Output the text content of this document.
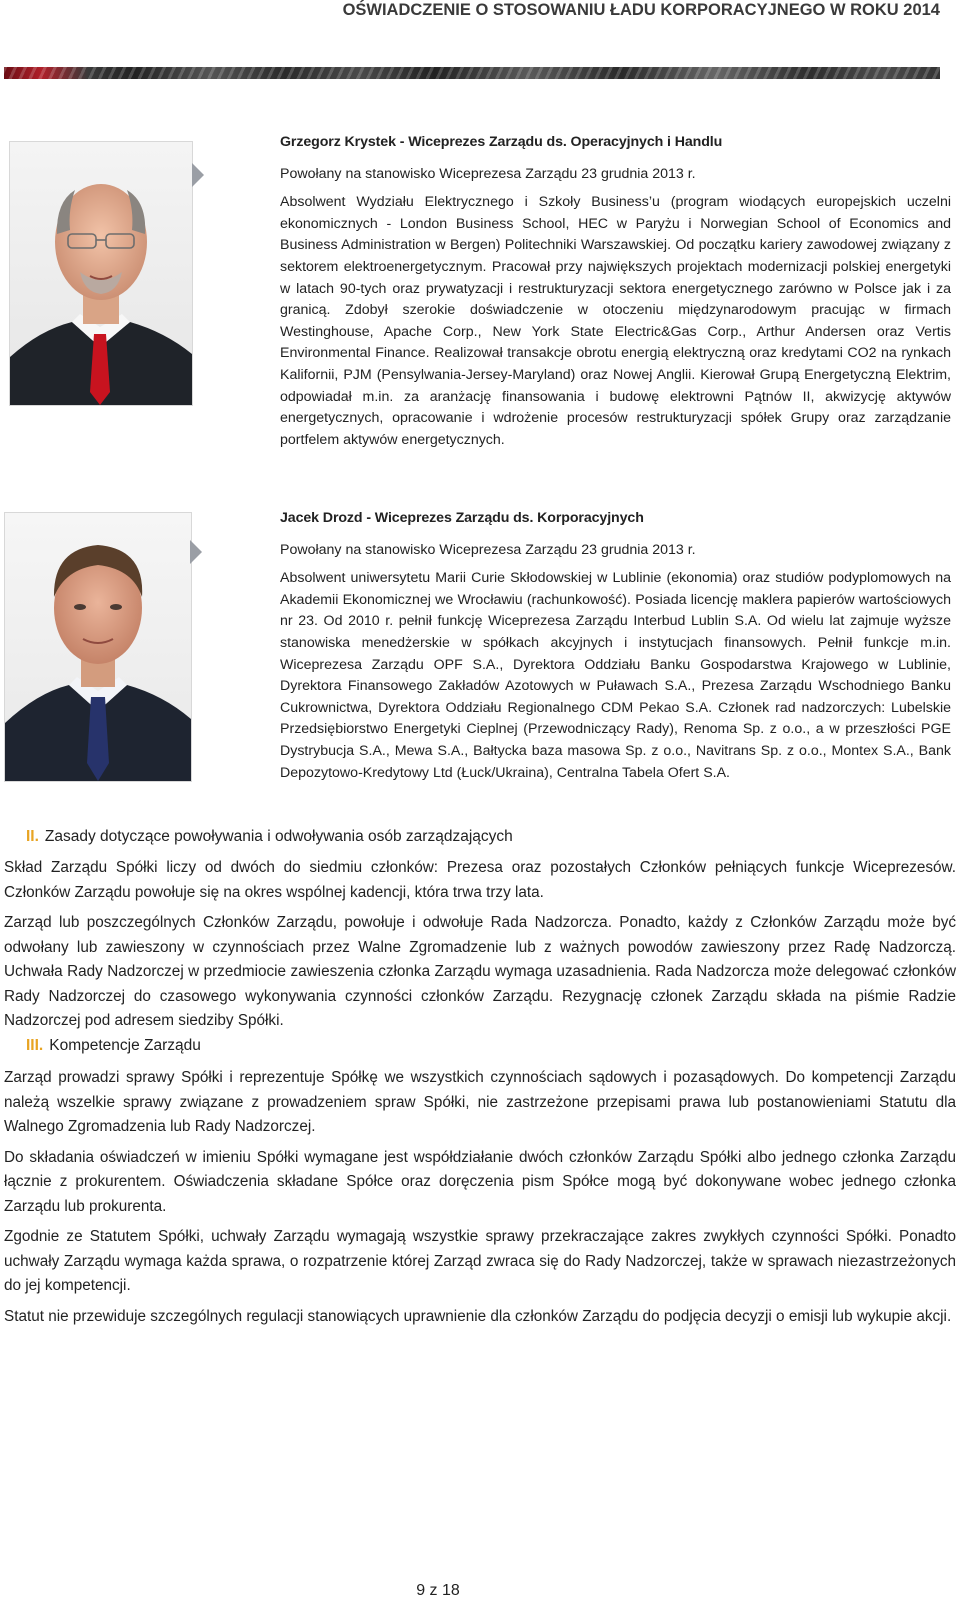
OŚWIADCZENIE O STOSOWANIU ŁADU KORPORACYJNEGO W ROKU 2014

Grzegorz Krystek - Wiceprezes Zarządu ds. Operacyjnych i Handlu

Powołany na stanowisko Wiceprezesa Zarządu 23 grudnia 2013 r.

Absolwent Wydziału Elektrycznego i Szkoły Business’u (program wiodących europejskich uczelni ekonomicznych - London Business School, HEC w Paryżu i Norwegian School of Economics and Business Administration w Bergen) Politechniki Warszawskiej. Od początku kariery zawodowej związany z sektorem elektroenergetycznym. Pracował przy największych projektach modernizacji polskiej energetyki w latach 90-tych oraz prywatyzacji i restrukturyzacji sektora energetycznego zarówno w Polsce jak i za granicą. Zdobył szerokie doświadczenie w otoczeniu międzynarodowym pracując w firmach Westinghouse, Apache Corp., New York State Electric&Gas Corp., Arthur Andersen oraz Vertis Environmental Finance. Realizował transakcje obrotu energią elektryczną oraz kredytami CO2 na rynkach Kalifornii, PJM (Pensylwania-Jersey-Maryland) oraz Nowej Anglii. Kierował Grupą Energetyczną Elektrim, odpowiadał m.in. za aranżację finansowania i budowę elektrowni Pątnów II, akwizycję aktywów energetycznych, opracowanie i wdrożenie procesów restrukturyzacji spółek Grupy oraz zarządzanie portfelem aktywów energetycznych.

Jacek Drozd - Wiceprezes Zarządu ds. Korporacyjnych

Powołany na stanowisko Wiceprezesa Zarządu 23 grudnia 2013 r.

Absolwent uniwersytetu Marii Curie Skłodowskiej w Lublinie (ekonomia) oraz studiów podyplomowych na Akademii Ekonomicznej we Wrocławiu (rachunkowość). Posiada licencję maklera papierów wartościowych nr 23. Od 2010 r. pełnił funkcję Wiceprezesa Zarządu Interbud Lublin S.A. Od wielu lat zajmuje wyższe stanowiska menedżerskie w spółkach akcyjnych i instytucjach finansowych. Pełnił funkcje m.in. Wiceprezesa Zarządu OPF S.A., Dyrektora Oddziału Banku Gospodarstwa Krajowego w Lublinie, Dyrektora Finansowego Zakładów Azotowych w Puławach S.A., Prezesa Zarządu Wschodniego Banku Cukrownictwa, Dyrektora Oddziału Regionalnego CDM Pekao S.A. Członek rad nadzorczych: Lubelskie Przedsiębiorstwo Energetyki Cieplnej (Przewodniczący Rady), Renoma Sp. z o.o., a w przeszłości PGE Dystrybucja S.A., Mewa S.A., Bałtycka baza masowa Sp. z o.o., Navitrans Sp. z o.o., Montex S.A., Bank Depozytowo-Kredytowy Ltd (Łuck/Ukraina), Centralna Tabela Ofert S.A.

II. Zasady dotyczące powoływania i odwoływania osób zarządzających

Skład Zarządu Spółki liczy od dwóch do siedmiu członków: Prezesa oraz pozostałych Członków pełniących funkcje Wiceprezesów. Członków Zarządu powołuje się na okres wspólnej kadencji, która trwa trzy lata.

Zarząd lub poszczególnych Członków Zarządu, powołuje i odwołuje Rada Nadzorcza. Ponadto, każdy z Członków Zarządu może być odwołany lub zawieszony w czynnościach przez Walne Zgromadzenie lub z ważnych powodów zawieszony przez Radę Nadzorczą. Uchwała Rady Nadzorczej w przedmiocie zawieszenia członka Zarządu wymaga uzasadnienia. Rada Nadzorcza może delegować członków Rady Nadzorczej do czasowego wykonywania czynności członków Zarządu. Rezygnację członek Zarządu składa na piśmie Radzie Nadzorczej pod adresem siedziby Spółki.

III. Kompetencje Zarządu

Zarząd prowadzi sprawy Spółki i reprezentuje Spółkę we wszystkich czynnościach sądowych i pozasądowych. Do kompetencji Zarządu należą wszelkie sprawy związane z prowadzeniem spraw Spółki, nie zastrzeżone przepisami prawa lub postanowieniami Statutu dla Walnego Zgromadzenia lub Rady Nadzorczej.

Do składania oświadczeń w imieniu Spółki wymagane jest współdziałanie dwóch członków Zarządu Spółki albo jednego członka Zarządu łącznie z prokurentem. Oświadczenia składane Spółce oraz doręczenia pism Spółce mogą być dokonywane wobec jednego członka Zarządu lub prokurenta.

Zgodnie ze Statutem Spółki, uchwały Zarządu wymagają wszystkie sprawy przekraczające zakres zwykłych czynności Spółki. Ponadto uchwały Zarządu wymaga każda sprawa, o rozpatrzenie której Zarząd zwraca się do Rady Nadzorczej, także w sprawach niezastrzeżonych do jej kompetencji.

Statut nie przewiduje szczególnych regulacji stanowiących uprawnienie dla członków Zarządu do podjęcia decyzji o emisji lub wykupie akcji.

9 z 18
